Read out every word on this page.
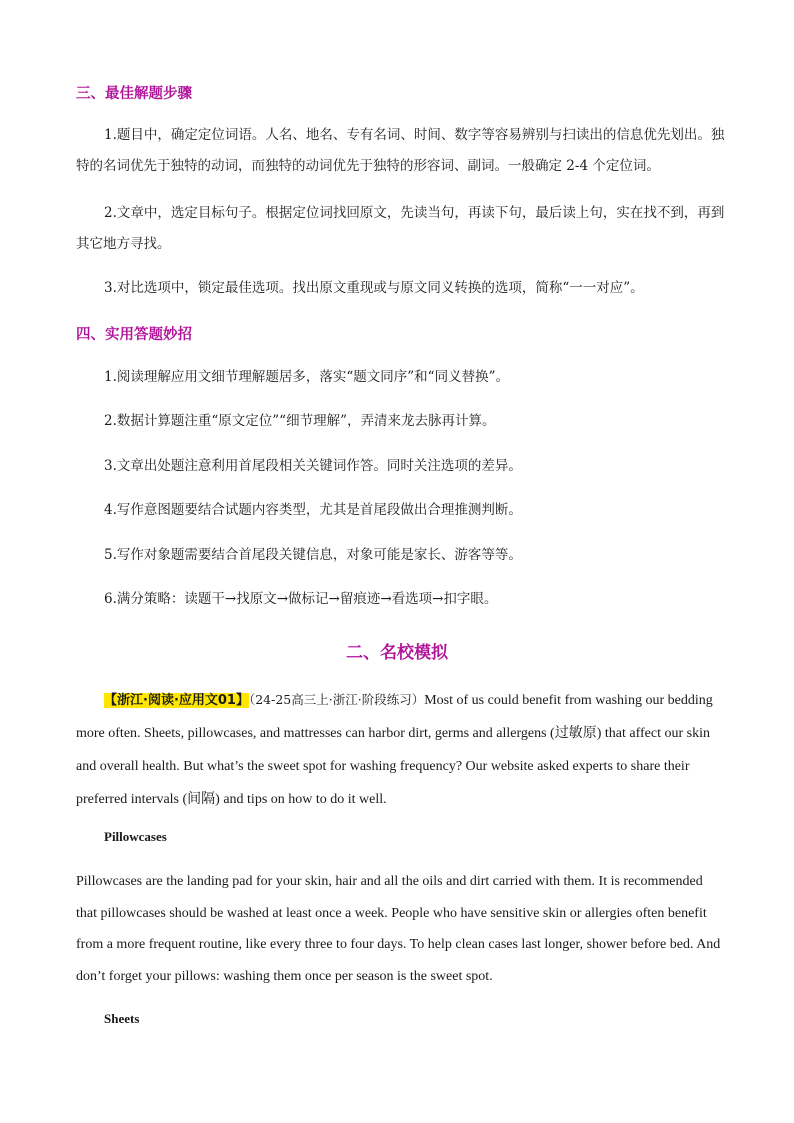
三、最佳解题步骤
1.题目中，确定定位词语。人名、地名、专有名词、时间、数字等容易辨别与扫读出的信息优先划出。独特的名词优先于独特的动词，而独特的动词优先于独特的形容词、副词。一般确定 2-4 个定位词。
2.文章中，选定目标句子。根据定位词找回原文，先读当句，再读下句，最后读上句，实在找不到，再到其它地方寻找。
3.对比选项中，锁定最佳选项。找出原文重现或与原文同义转换的选项，简称“一一对应”。
四、实用答题妙招
1.阅读理解应用文细节理解题居多，落实“题文同序”和“同义替换”。
2.数据计算题注重“原文定位”“细节理解”，弄清来龙去脉再计算。
3.文章出处题注意利用首尾段相关关键词作答。同时关注选项的差异。
4.写作意图题要结合试题内容类型，尤其是首尾段做出合理推测判断。
5.写作对象题需要结合首尾段关键信息，对象可能是家长、游客等等。
6.满分策略：读题干→找原文→做标记→留痕迹→看选项→扣字眼。
二、名校模拟
【浙江·阅读·应用文01】（24-25高三上·浙江·阶段练习）Most of us could benefit from washing our bedding more often. Sheets, pillowcases, and mattresses can harbor dirt, germs and allergens (过敏原) that affect our skin and overall health. But what’s the sweet spot for washing frequency? Our website asked experts to share their preferred intervals (间隔) and tips on how to do it well.
Pillowcases
Pillowcases are the landing pad for your skin, hair and all the oils and dirt carried with them. It is recommended that pillowcases should be washed at least once a week. People who have sensitive skin or allergies often benefit from a more frequent routine, like every three to four days. To help clean cases last longer, shower before bed. And don’t forget your pillows: washing them once per season is the sweet spot.
Sheets
